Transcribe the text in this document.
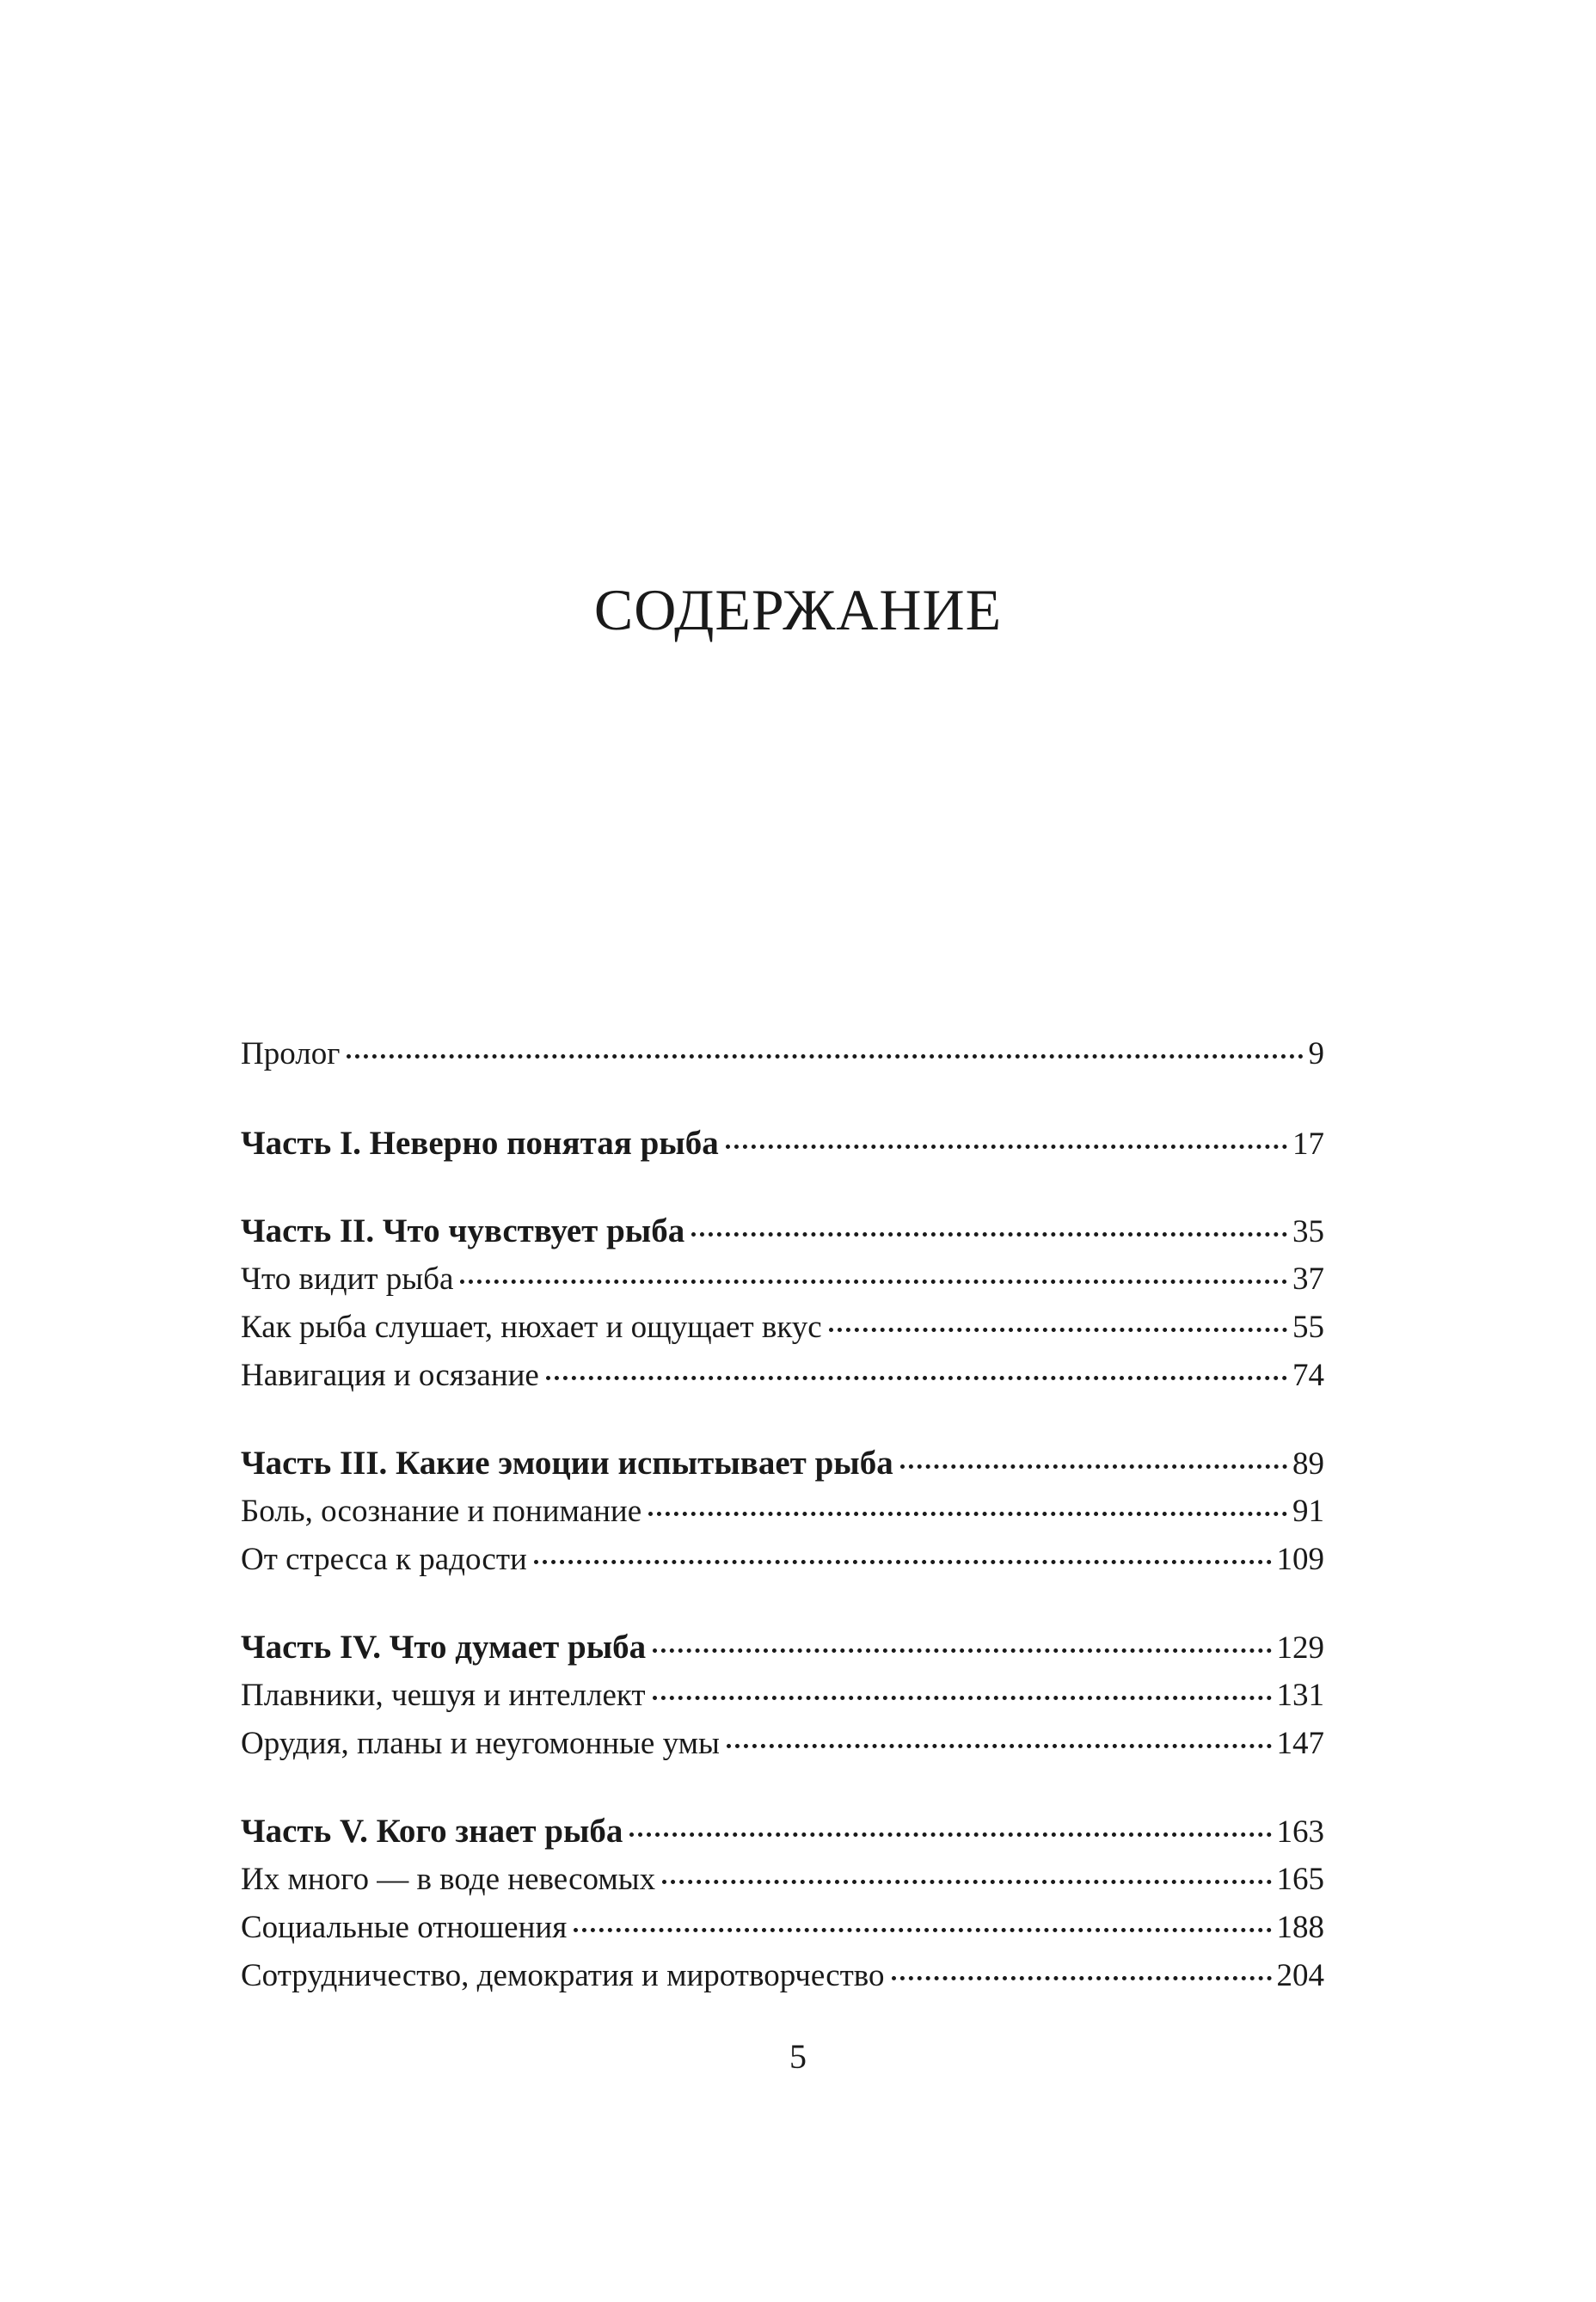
СОДЕРЖАНИЕ
Пролог	9
Часть I. Неверно понятая рыба	17
Часть II. Что чувствует рыба	35
Что видит рыба	37
Как рыба слушает, нюхает и ощущает вкус	55
Навигация и осязание	74
Часть III. Какие эмоции испытывает рыба	89
Боль, осознание и понимание	91
От стресса к радости	109
Часть IV. Что думает рыба	129
Плавники, чешуя и интеллект	131
Орудия, планы и неугомонные умы	147
Часть V. Кого знает рыба	163
Их много — в воде невесомых	165
Социальные отношения	188
Сотрудничество, демократия и миротворчество	204
5
